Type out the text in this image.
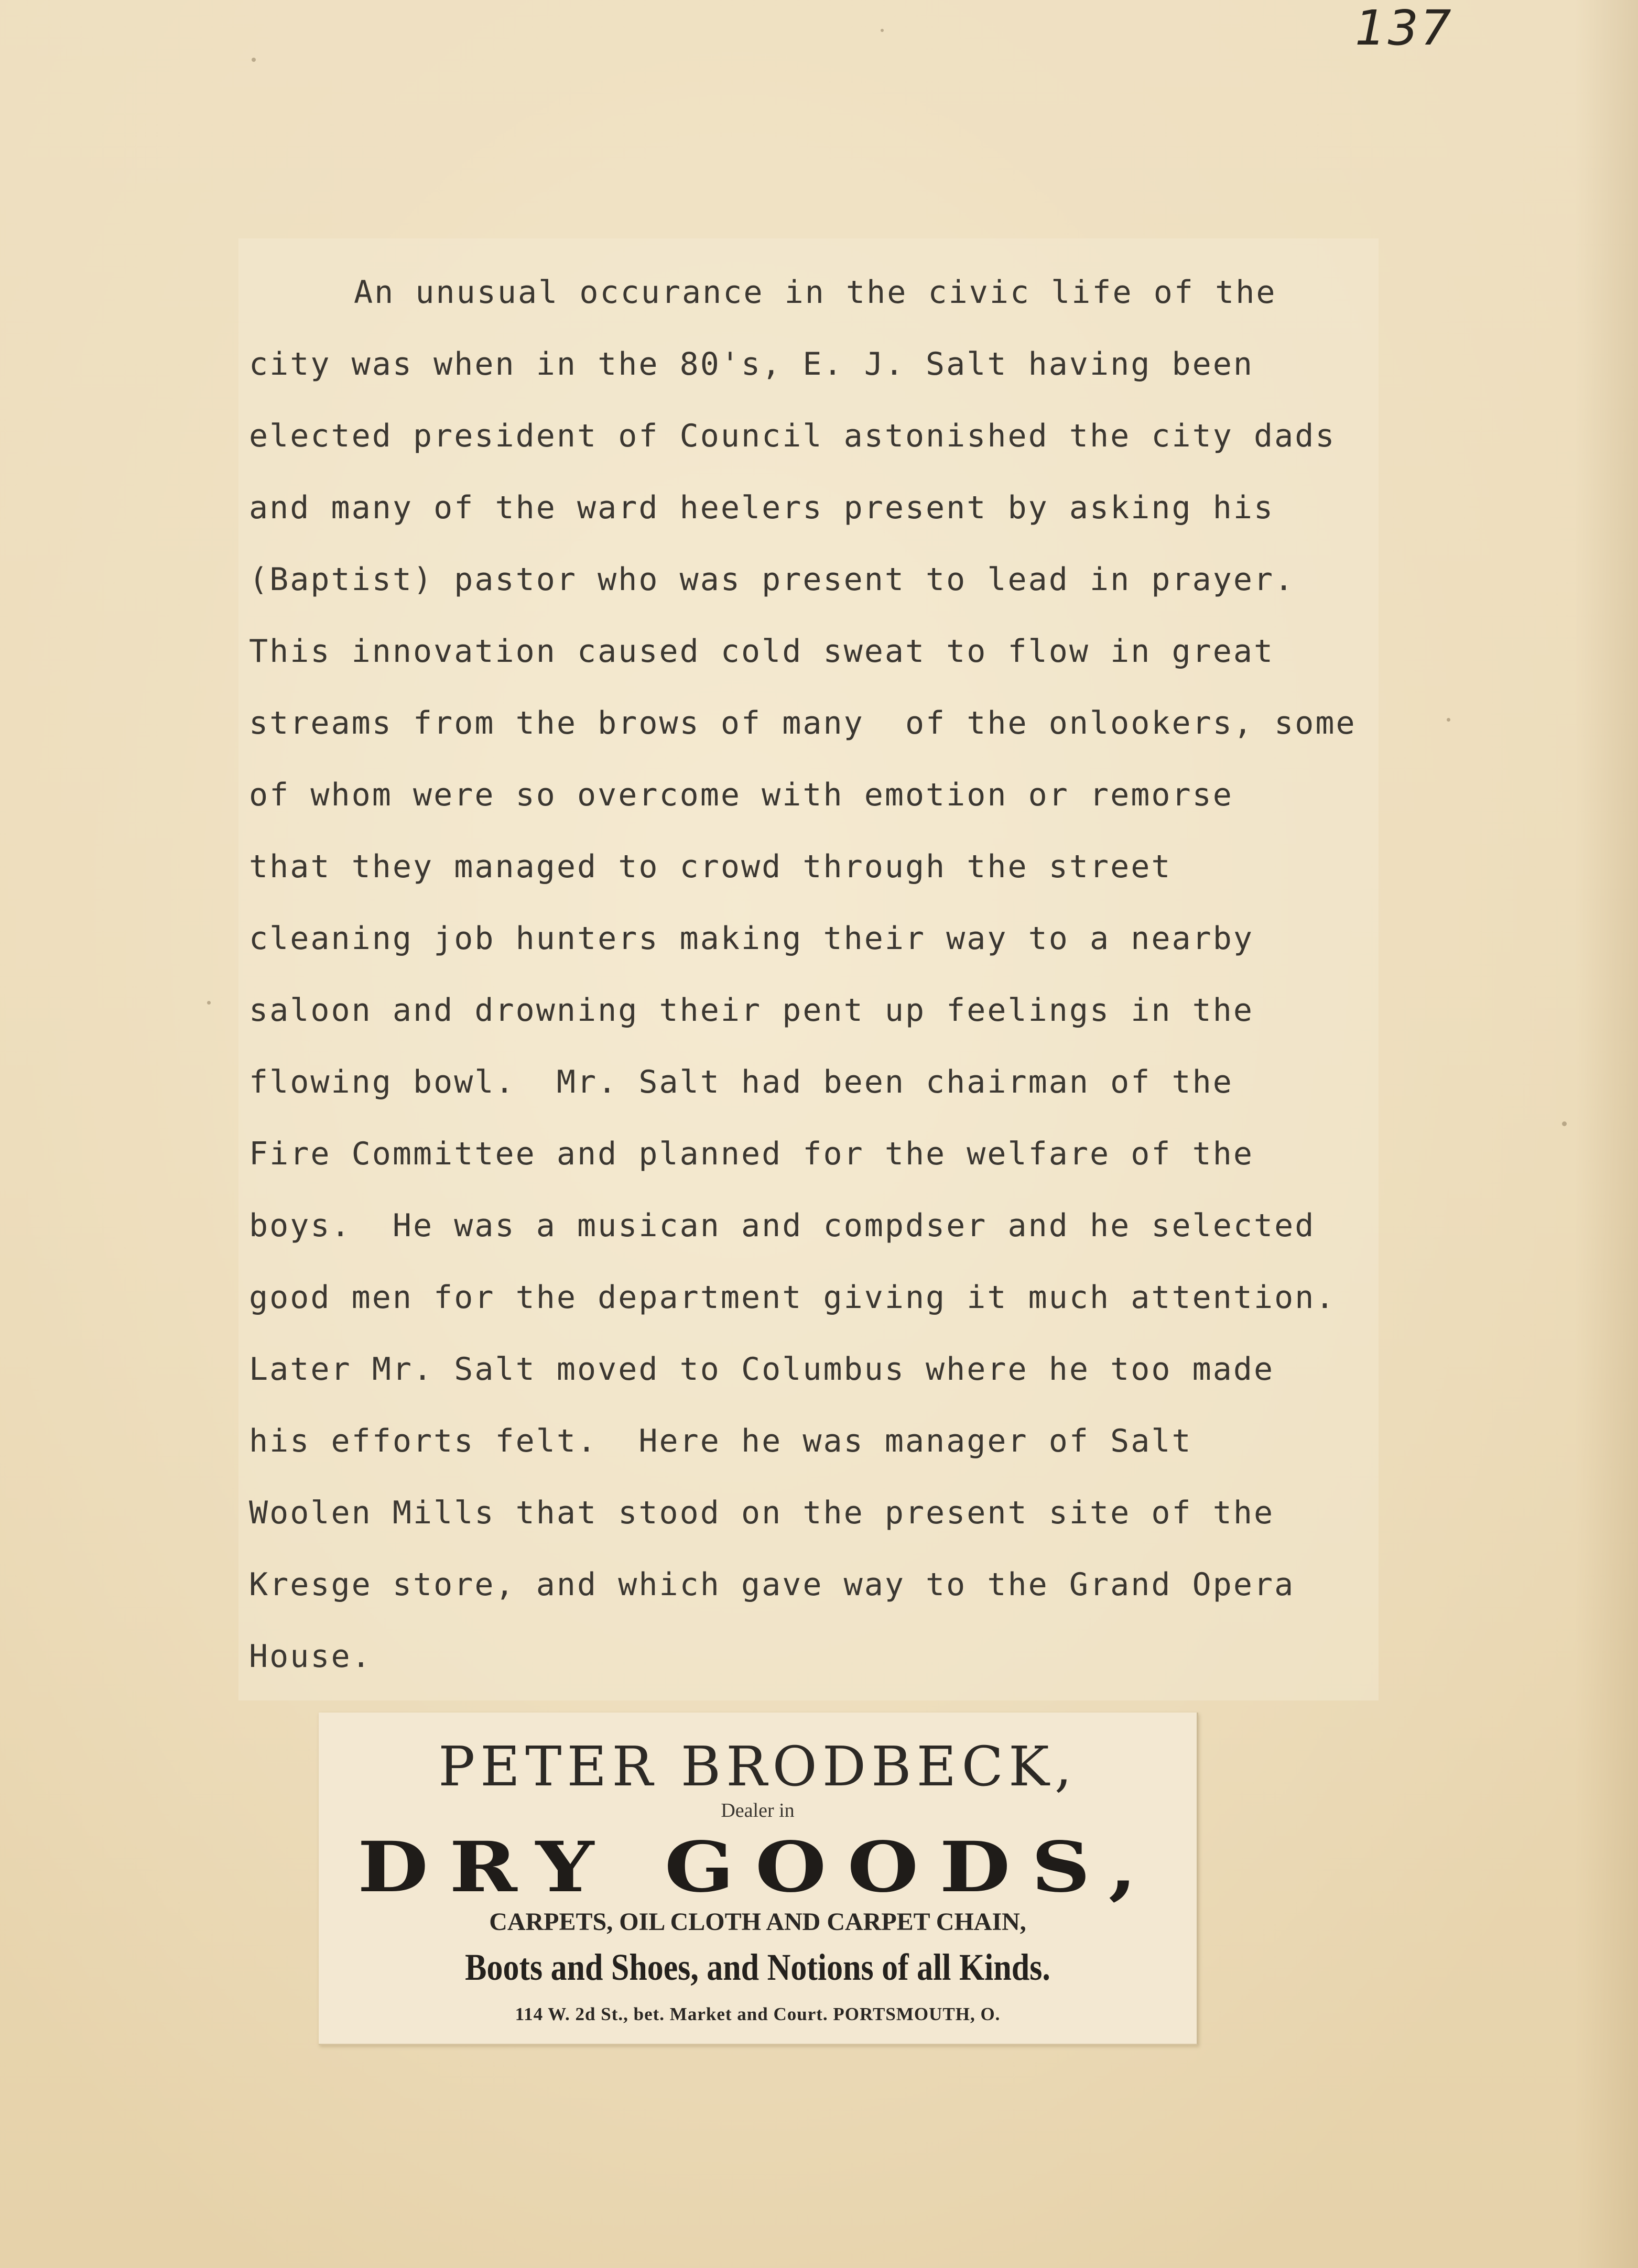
137
An unusual occurance in the civic life of the
city was when in the 80's, E. J. Salt having been
elected president of Council astonished the city dads
and many of the ward heelers present by asking his
(Baptist) pastor who was present to lead in prayer.
This innovation caused cold sweat to flow in great
streams from the brows of many  of the onlookers, some
of whom were so overcome with emotion or remorse
that they managed to crowd through the street
cleaning job hunters making their way to a nearby
saloon and drowning their pent up feelings in the
flowing bowl.  Mr. Salt had been chairman of the
Fire Committee and planned for the welfare of the
boys.  He was a musican and compdser and he selected
good men for the department giving it much attention.
Later Mr. Salt moved to Columbus where he too made
his efforts felt.  Here he was manager of Salt
Woolen Mills that stood on the present site of the
Kresge store, and which gave way to the Grand Opera
House.
PETER BRODBECK,
Dealer in
DRY GOODS,
CARPETS, OIL CLOTH AND CARPET CHAIN,
Boots and Shoes, and Notions of all Kinds.
114 W. 2d St., bet. Market and Court. PORTSMOUTH, O.
